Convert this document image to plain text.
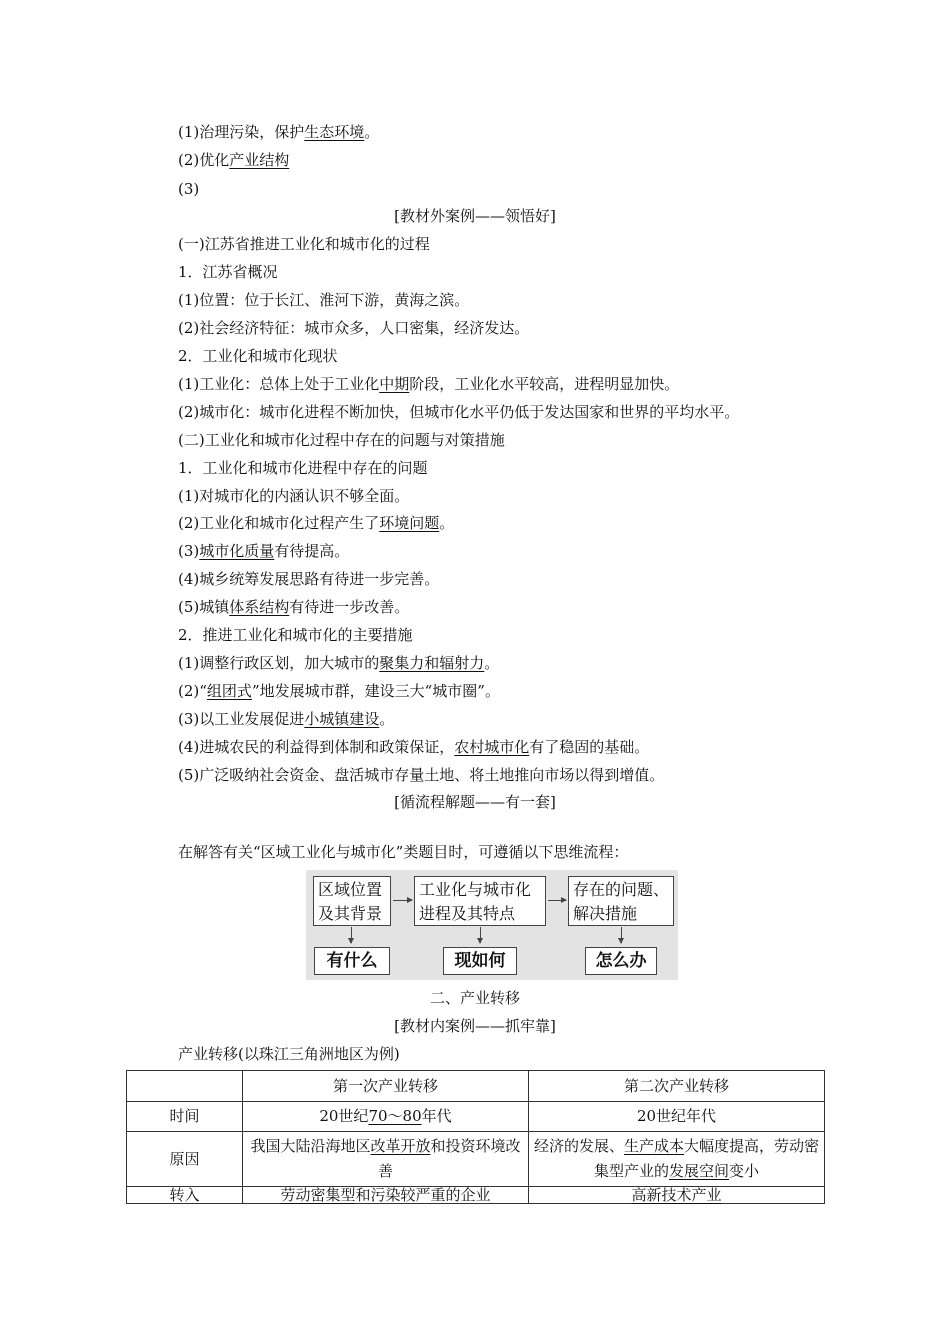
(1)治理污染，保护生态环境。
(2)优化产业结构
(3)
[教材外案例——领悟好]
(一)江苏省推进工业化和城市化的过程
1．江苏省概况
(1)位置：位于长江、淮河下游，黄海之滨。
(2)社会经济特征：城市众多，人口密集，经济发达。
2．工业化和城市化现状
(1)工业化：总体上处于工业化中期阶段，工业化水平较高，进程明显加快。
(2)城市化：城市化进程不断加快，但城市化水平仍低于发达国家和世界的平均水平。
(二)工业化和城市化过程中存在的问题与对策措施
1．工业化和城市化进程中存在的问题
(1)对城市化的内涵认识不够全面。
(2)工业化和城市化过程产生了环境问题。
(3)城市化质量有待提高。
(4)城乡统筹发展思路有待进一步完善。
(5)城镇体系结构有待进一步改善。
2．推进工业化和城市化的主要措施
(1)调整行政区划，加大城市的聚集力和辐射力。
(2)“组团式”地发展城市群，建设三大“城市圈”。
(3)以工业发展促进小城镇建设。
(4)进城农民的利益得到体制和政策保证，农村城市化有了稳固的基础。
(5)广泛吸纳社会资金、盘活城市存量土地、将土地推向市场以得到增值。
[循流程解题——有一套]
在解答有关“区域工业化与城市化”类题目时，可遵循以下思维流程：
区域位置
及其背景
工业化与城市化
进程及其特点
存在的问题、
解决措施
有什么	现如何	怎么办
二、产业转移
[教材内案例——抓牢靠]
产业转移(以珠江三角洲地区为例)
	第一次产业转移	第二次产业转移
时间	20世纪70～80年代	20世纪年代
原因	我国大陆沿海地区改革开放和投资环境改善	经济的发展、生产成本大幅度提高，劳动密集型产业的发展空间变小
转入	劳动密集型和污染较严重的企业	高新技术产业
